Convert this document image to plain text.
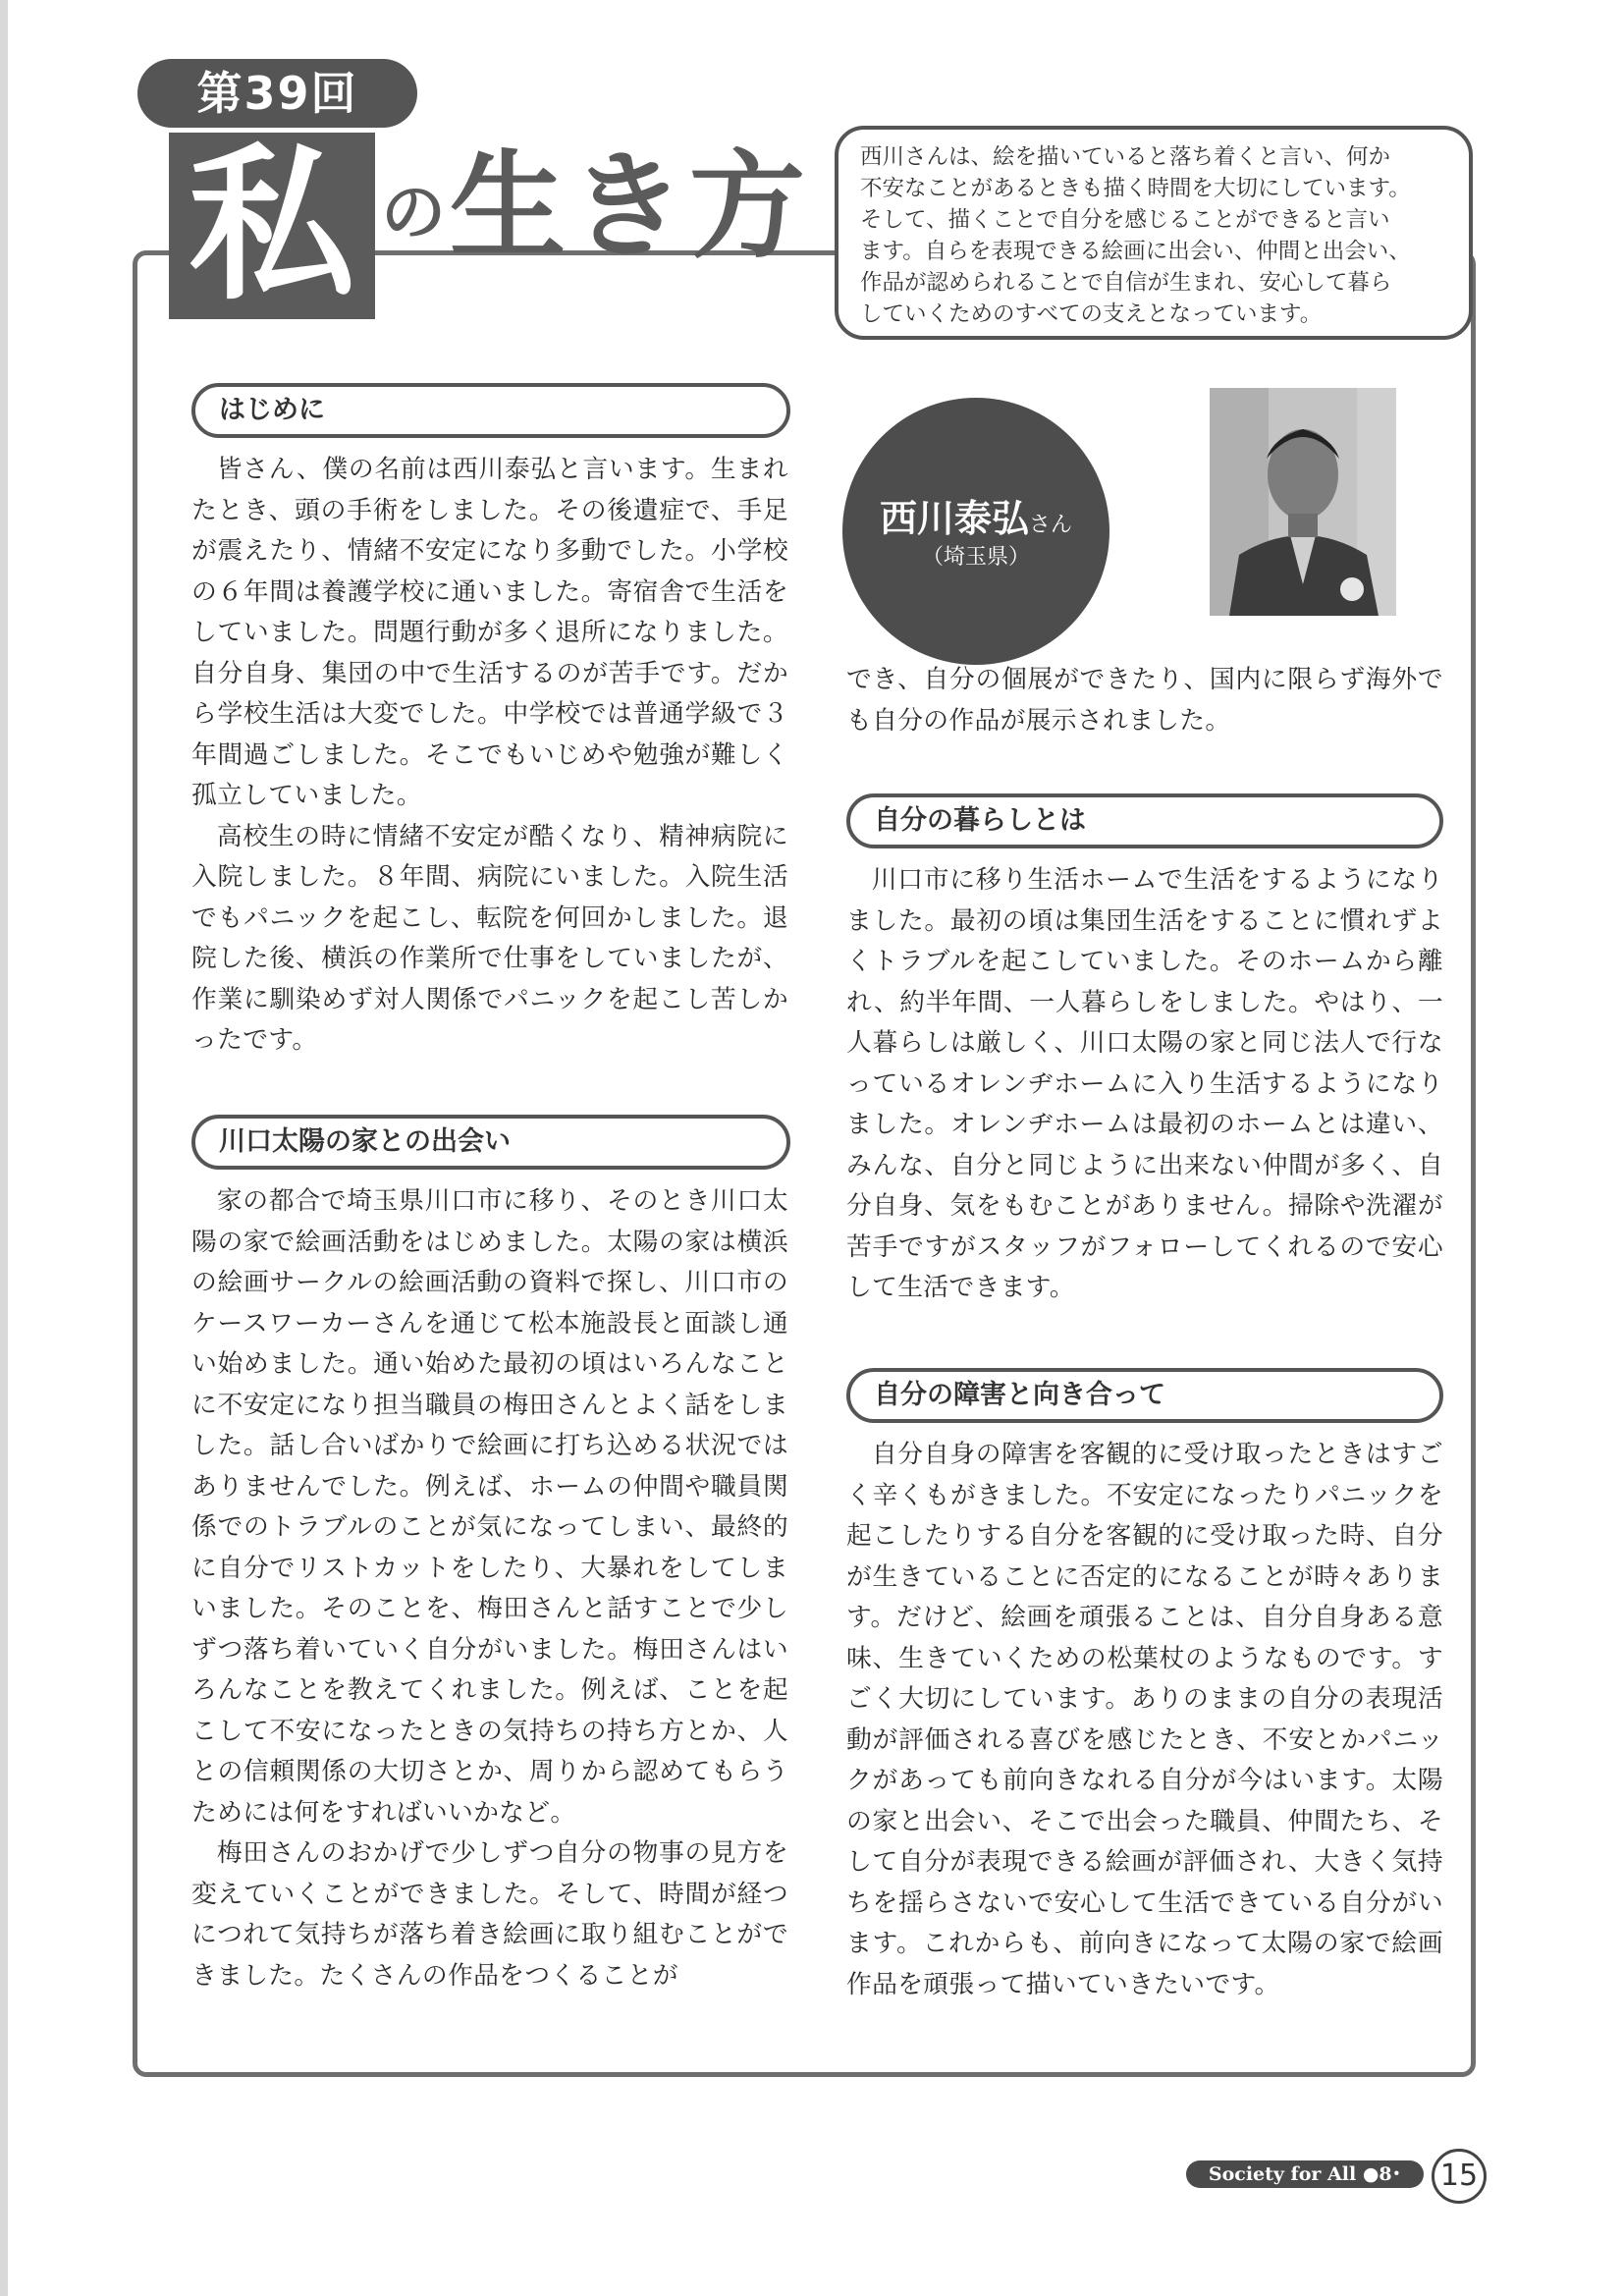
第39回
私 の生き方 西川さんは、絵を描いていると落ち着くと言い、何か
不安なことがあるときも描く時間を大切にしています。
そして、描くことで自分を感じることができると言い
ます。自らを表現できる絵画に出会い、仲間と出会い、
作品が認められることで自信が生まれ、安心して暮ら
していくためのすべての支えとなっています。
はじめに

皆さん、僕の名前は西川泰弘と言います。生まれたとき、頭の手術をしました。その後遺症で、手足が震えたり、情緒不安定になり多動でした。小学校の６年間は養護学校に通いました。寄宿舎で生活をしていました。問題行動が多く退所になりました。自分自身、集団の中で生活するのが苦手です。だから学校生活は大変でした。中学校では普通学級で３年間過ごしました。そこでもいじめや勉強が難しく孤立していました。

高校生の時に情緒不安定が酷くなり、精神病院に入院しました。８年間、病院にいました。入院生活でもパニックを起こし、転院を何回かしました。退院した後、横浜の作業所で仕事をしていましたが、作業に馴染めず対人関係でパニックを起こし苦しかったです。

川口太陽の家との出会い

家の都合で埼玉県川口市に移り、そのとき川口太陽の家で絵画活動をはじめました。太陽の家は横浜の絵画サークルの絵画活動の資料で探し、川口市のケースワーカーさんを通じて松本施設長と面談し通い始めました。通い始めた最初の頃はいろんなことに不安定になり担当職員の梅田さんとよく話をしました。話し合いばかりで絵画に打ち込める状況ではありませんでした。例えば、ホームの仲間や職員関係でのトラブルのことが気になってしまい、最終的に自分でリストカットをしたり、大暴れをしてしまいました。そのことを、梅田さんと話すことで少しずつ落ち着いていく自分がいました。梅田さんはいろんなことを教えてくれました。例えば、ことを起こして不安になったときの気持ちの持ち方とか、人との信頼関係の大切さとか、周りから認めてもらうためには何をすればいいかなど。

梅田さんのおかげで少しずつ自分の物事の見方を変えていくことができました。そして、時間が経つにつれて気持ちが落ち着き絵画に取り組むことができました。たくさんの作品をつくることが

西川泰弘さん
（埼玉県）

でき、自分の個展ができたり、国内に限らず海外でも自分の作品が展示されました。

自分の暮らしとは

川口市に移り生活ホームで生活をするようになりました。最初の頃は集団生活をすることに慣れずよくトラブルを起こしていました。そのホームから離れ、約半年間、一人暮らしをしました。やはり、一人暮らしは厳しく、川口太陽の家と同じ法人で行なっているオレンヂホームに入り生活するようになりました。オレンヂホームは最初のホームとは違い、みんな、自分と同じように出来ない仲間が多く、自分自身、気をもむことがありません。掃除や洗濯が苦手ですがスタッフがフォローしてくれるので安心して生活できます。

自分の障害と向き合って

自分自身の障害を客観的に受け取ったときはすごく辛くもがきました。不安定になったりパニックを起こしたりする自分を客観的に受け取った時、自分が生きていることに否定的になることが時々あります。だけど、絵画を頑張ることは、自分自身ある意味、生きていくための松葉杖のようなものです。すごく大切にしています。ありのままの自分の表現活動が評価される喜びを感じたとき、不安とかパニックがあっても前向きなれる自分が今はいます。太陽の家と出会い、そこで出会った職員、仲間たち、そして自分が表現できる絵画が評価され、大きく気持ちを揺らさないで安心して生活できている自分がいます。これからも、前向きになって太陽の家で絵画作品を頑張って描いていきたいです。

Society for All ●8･2016
15
